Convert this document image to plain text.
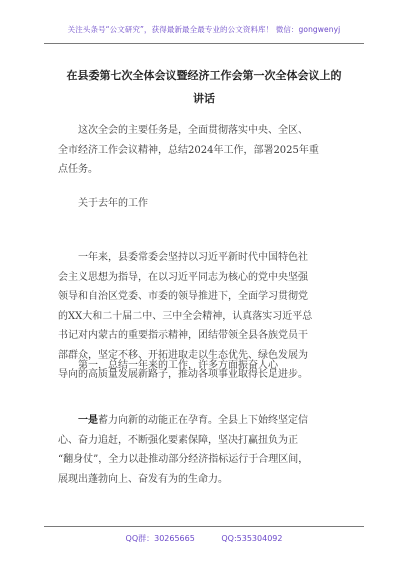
关注头条号“公文研究”，获得最新最全最专业的公文资料库！ 微信：gongwenyj
在县委第七次全体会议暨经济工作会第一次全体会议上的
讲话
这次全会的主要任务是，全面贯彻落实中央、全区、
全市经济工作会议精神，总结2024年工作，部署2025年重
点任务。
关于去年的工作
一年来，县委常委会坚持以习近平新时代中国特色社
会主义思想为指导，在以习近平同志为核心的党中央坚强
领导和自治区党委、市委的领导推进下，全面学习贯彻党
的XX大和二十届二中、三中全会精神，认真落实习近平总
书记对内蒙古的重要指示精神，团结带领全县各族党员干
部群众，坚定不移、开拓进取走以生态优先、绿色发展为
导向的高质量发展新路子，推动各项事业取得长足进步。
第一，总结一年来的工作，许多方面振奋人心
一是蓄力向新的动能正在孕育。全县上下始终坚定信
心、奋力追赶，不断强化要素保障，坚决打赢扭负为正
“翻身仗”，全力以赴推动部分经济指标运行于合理区间，
展现出蓬勃向上、奋发有为的生命力。
QQ群：30265665	QQ:535304092
